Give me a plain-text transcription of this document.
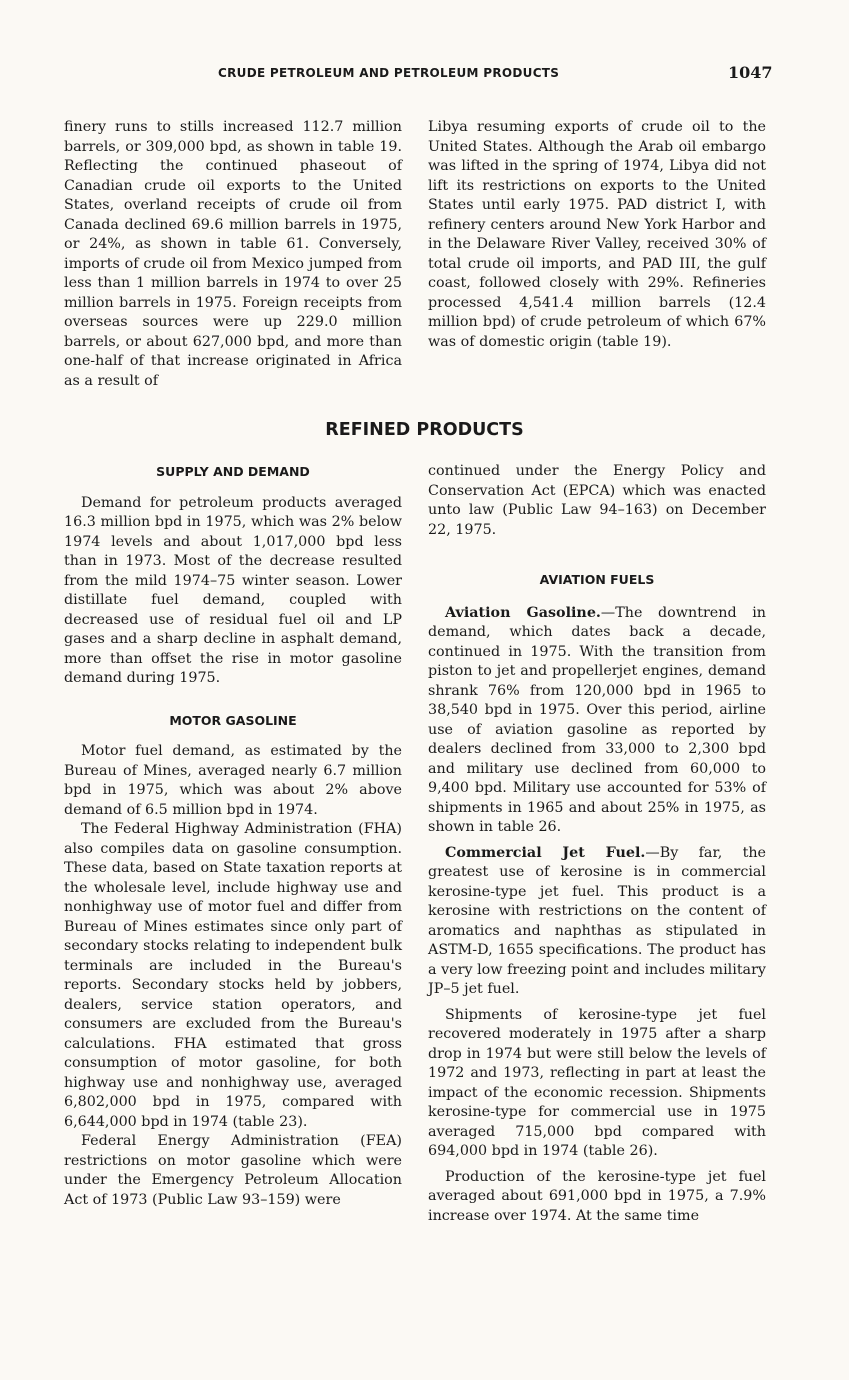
CRUDE PETROLEUM AND PETROLEUM PRODUCTS	1047

finery runs to stills increased 112.7 million barrels, or 309,000 bpd, as shown in table 19. Reflecting the continued phaseout of Canadian crude oil exports to the United States, overland receipts of crude oil from Canada declined 69.6 million barrels in 1975, or 24%, as shown in table 61. Conversely, imports of crude oil from Mexico jumped from less than 1 million barrels in 1974 to over 25 million barrels in 1975. Foreign receipts from overseas sources were up 229.0 million barrels, or about 627,000 bpd, and more than one-half of that increase originated in Africa as a result of

Libya resuming exports of crude oil to the United States. Although the Arab oil embargo was lifted in the spring of 1974, Libya did not lift its restrictions on exports to the United States until early 1975. PAD district I, with refinery centers around New York Harbor and in the Delaware River Valley, received 30% of total crude oil imports, and PAD III, the gulf coast, followed closely with 29%. Refineries processed 4,541.4 million barrels (12.4 million bpd) of crude petroleum of which 67% was of domestic origin (table 19).

REFINED PRODUCTS
SUPPLY AND DEMAND

Demand for petroleum products averaged 16.3 million bpd in 1975, which was 2% below 1974 levels and about 1,017,000 bpd less than in 1973. Most of the decrease resulted from the mild 1974–75 winter season. Lower distillate fuel demand, coupled with decreased use of residual fuel oil and LP gases and a sharp decline in asphalt demand, more than offset the rise in motor gasoline demand during 1975.

MOTOR GASOLINE

Motor fuel demand, as estimated by the Bureau of Mines, averaged nearly 6.7 million bpd in 1975, which was about 2% above demand of 6.5 million bpd in 1974.

The Federal Highway Administration (FHA) also compiles data on gasoline consumption. These data, based on State taxation reports at the wholesale level, include highway use and nonhighway use of motor fuel and differ from Bureau of Mines estimates since only part of secondary stocks relating to independent bulk terminals are included in the Bureau's reports. Secondary stocks held by jobbers, dealers, service station operators, and consumers are excluded from the Bureau's calculations. FHA estimated that gross consumption of motor gasoline, for both highway use and nonhighway use, averaged 6,802,000 bpd in 1975, compared with 6,644,000 bpd in 1974 (table 23).

Federal Energy Administration (FEA) restrictions on motor gasoline which were under the Emergency Petroleum Allocation Act of 1973 (Public Law 93–159) were

continued under the Energy Policy and Conservation Act (EPCA) which was enacted unto law (Public Law 94–163) on December 22, 1975.

AVIATION FUELS

Aviation Gasoline.—The downtrend in demand, which dates back a decade, continued in 1975. With the transition from piston to jet and propellerjet engines, demand shrank 76% from 120,000 bpd in 1965 to 38,540 bpd in 1975. Over this period, airline use of aviation gasoline as reported by dealers declined from 33,000 to 2,300 bpd and military use declined from 60,000 to 9,400 bpd. Military use accounted for 53% of shipments in 1965 and about 25% in 1975, as shown in table 26.

Commercial Jet Fuel.—By far, the greatest use of kerosine is in commercial kerosine-type jet fuel. This product is a kerosine with restrictions on the content of aromatics and naphthas as stipulated in ASTM-D, 1655 specifications. The product has a very low freezing point and includes military JP–5 jet fuel.

Shipments of kerosine-type jet fuel recovered moderately in 1975 after a sharp drop in 1974 but were still below the levels of 1972 and 1973, reflecting in part at least the impact of the economic recession. Shipments kerosine-type for commercial use in 1975 averaged 715,000 bpd compared with 694,000 bpd in 1974 (table 26).

Production of the kerosine-type jet fuel averaged about 691,000 bpd in 1975, a 7.9% increase over 1974. At the same time
